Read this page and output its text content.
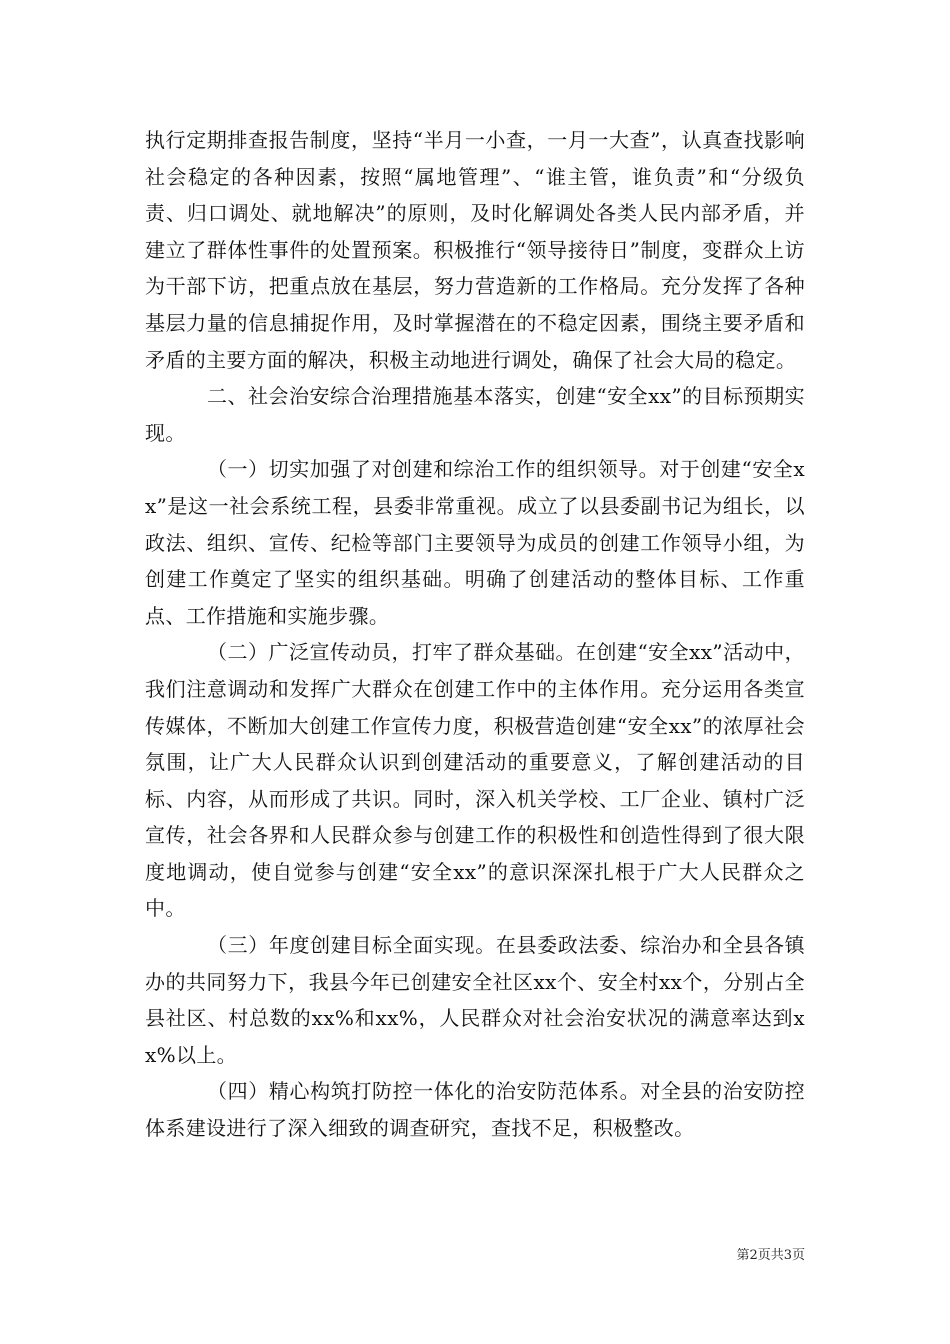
执行定期排查报告制度，坚持“半月一小查，一月一大查”，认真查找影响社会稳定的各种因素，按照“属地管理”、“谁主管，谁负责”和“分级负责、归口调处、就地解决”的原则，及时化解调处各类人民内部矛盾，并建立了群体性事件的处置预案。积极推行“领导接待日”制度，变群众上访为干部下访，把重点放在基层，努力营造新的工作格局。充分发挥了各种基层力量的信息捕捉作用，及时掌握潜在的不稳定因素，围绕主要矛盾和矛盾的主要方面的解决，积极主动地进行调处，确保了社会大局的稳定。

二、社会治安综合治理措施基本落实，创建“安全xx”的目标预期实现。

（一）切实加强了对创建和综治工作的组织领导。对于创建“安全xx”是这一社会系统工程，县委非常重视。成立了以县委副书记为组长，以政法、组织、宣传、纪检等部门主要领导为成员的创建工作领导小组，为创建工作奠定了坚实的组织基础。明确了创建活动的整体目标、工作重点、工作措施和实施步骤。

（二）广泛宣传动员，打牢了群众基础。在创建“安全xx”活动中，我们注意调动和发挥广大群众在创建工作中的主体作用。充分运用各类宣传媒体，不断加大创建工作宣传力度，积极营造创建“安全xx”的浓厚社会氛围，让广大人民群众认识到创建活动的重要意义，了解创建活动的目标、内容，从而形成了共识。同时，深入机关学校、工厂企业、镇村广泛宣传，社会各界和人民群众参与创建工作的积极性和创造性得到了很大限度地调动，使自觉参与创建“安全xx”的意识深深扎根于广大人民群众之中。

（三）年度创建目标全面实现。在县委政法委、综治办和全县各镇办的共同努力下，我县今年已创建安全社区xx个、安全村xx个，分别占全县社区、村总数的xx%和xx%，人民群众对社会治安状况的满意率达到xx%以上。

（四）精心构筑打防控一体化的治安防范体系。对全县的治安防控体系建设进行了深入细致的调查研究，查找不足，积极整改。

第2页共3页
